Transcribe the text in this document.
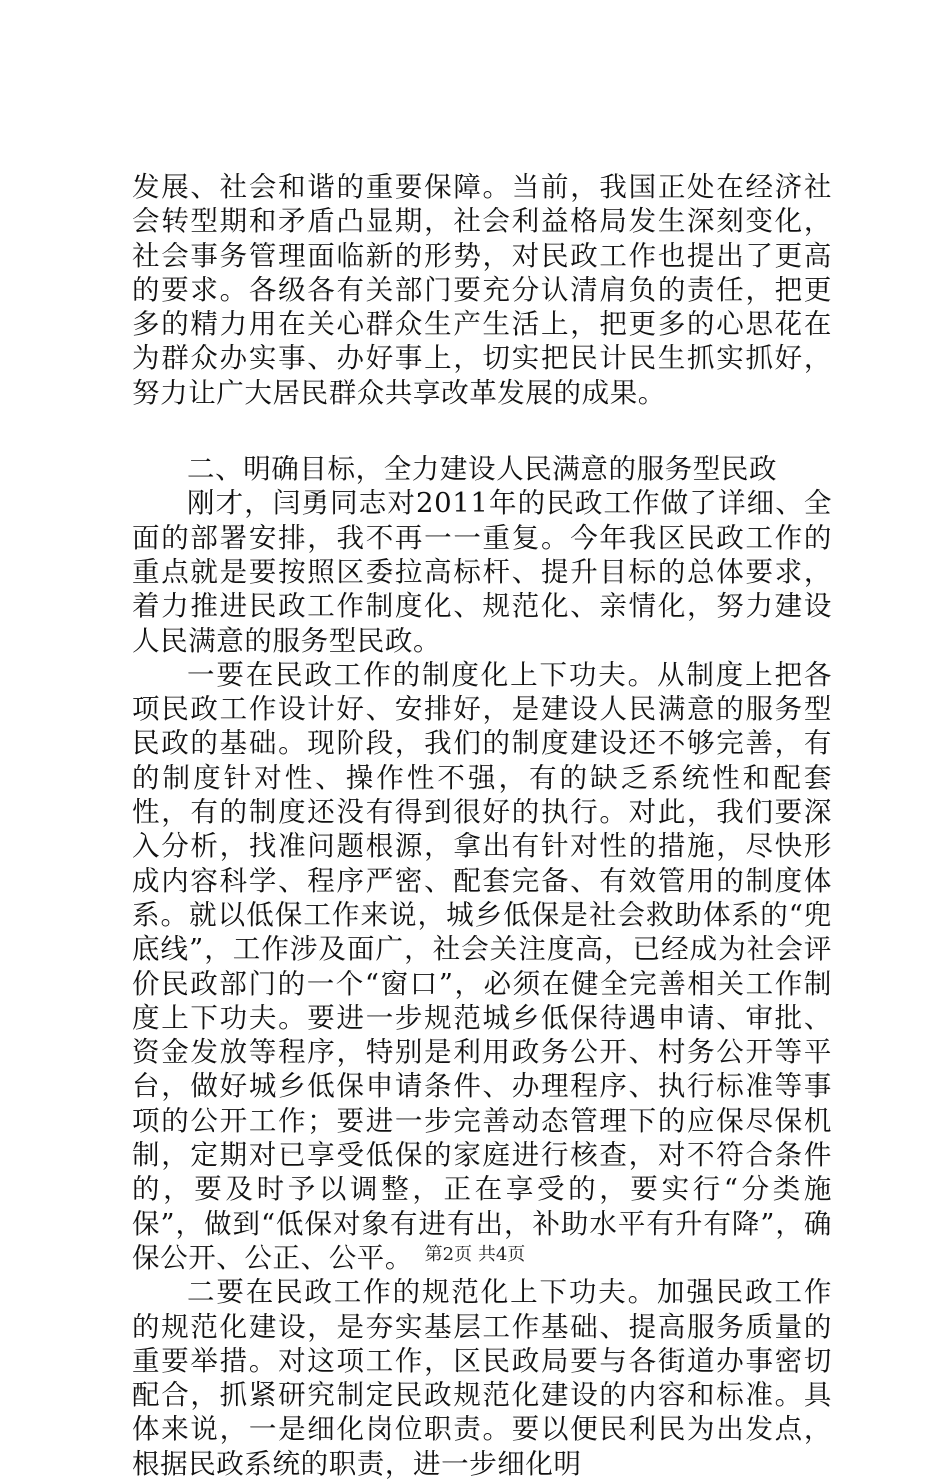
发展、社会和谐的重要保障。当前，我国正处在经济社会转型期和矛盾凸显期，社会利益格局发生深刻变化，社会事务管理面临新的形势，对民政工作也提出了更高的要求。各级各有关部门要充分认清肩负的责任，把更多的精力用在关心群众生产生活上，把更多的心思花在为群众办实事、办好事上，切实把民计民生抓实抓好，努力让广大居民群众共享改革发展的成果。

二、明确目标，全力建设人民满意的服务型民政

刚才，闫勇同志对2011年的民政工作做了详细、全面的部署安排，我不再一一重复。今年我区民政工作的重点就是要按照区委拉高标杆、提升目标的总体要求，着力推进民政工作制度化、规范化、亲情化，努力建设人民满意的服务型民政。

一要在民政工作的制度化上下功夫。从制度上把各项民政工作设计好、安排好，是建设人民满意的服务型民政的基础。现阶段，我们的制度建设还不够完善，有的制度针对性、操作性不强，有的缺乏系统性和配套性，有的制度还没有得到很好的执行。对此，我们要深入分析，找准问题根源，拿出有针对性的措施，尽快形成内容科学、程序严密、配套完备、有效管用的制度体系。就以低保工作来说，城乡低保是社会救助体系的“兜底线”，工作涉及面广，社会关注度高，已经成为社会评价民政部门的一个“窗口”，必须在健全完善相关工作制度上下功夫。要进一步规范城乡低保待遇申请、审批、资金发放等程序，特别是利用政务公开、村务公开等平台，做好城乡低保申请条件、办理程序、执行标准等事项的公开工作；要进一步完善动态管理下的应保尽保机制，定期对已享受低保的家庭进行核查，对不符合条件的，要及时予以调整，正在享受的，要实行“分类施保”，做到“低保对象有进有出，补助水平有升有降”，确保公开、公正、公平。

二要在民政工作的规范化上下功夫。加强民政工作的规范化建设，是夯实基层工作基础、提高服务质量的重要举措。对这项工作，区民政局要与各街道办事密切配合，抓紧研究制定民政规范化建设的内容和标准。具体来说，一是细化岗位职责。要以便民利民为出发点，根据民政系统的职责，进一步细化明

第2页 共4页
